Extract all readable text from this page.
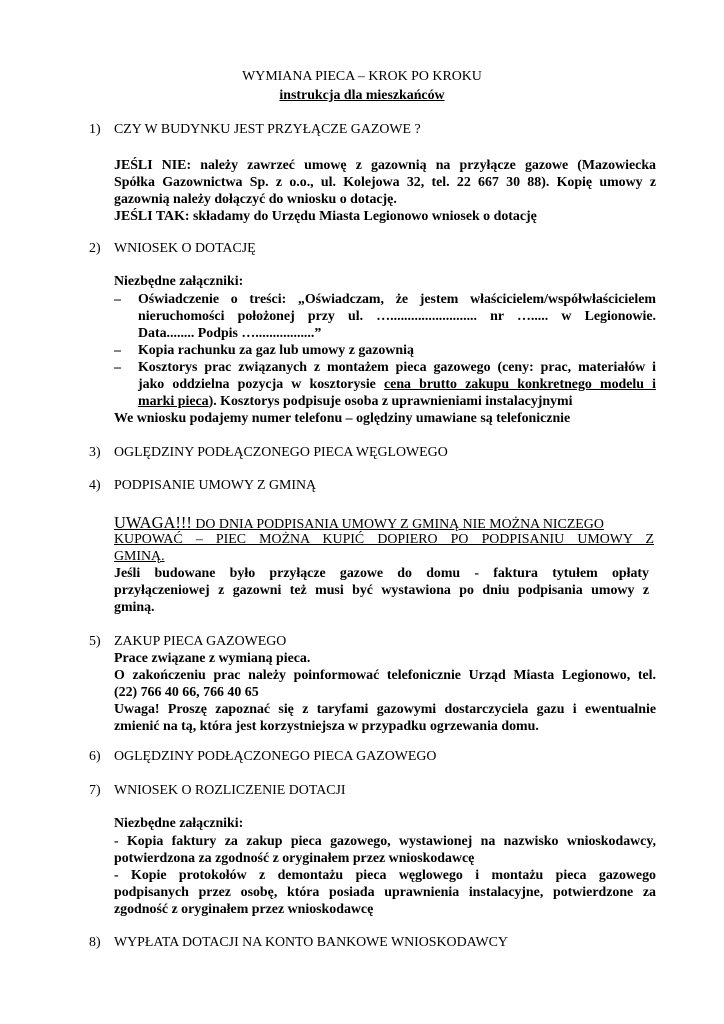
WYMIANA PIECA – KROK PO KROKU

instrukcja dla mieszkańców

1) CZY W BUDYNKU JEST PRZYŁĄCZE GAZOWE ?

JEŚLI NIE: należy zawrzeć umowę z gazownią na przyłącze gazowe (Mazowiecka

Spółka Gazownictwa Sp. z o.o., ul. Kolejowa 32, tel. 22 667 30 88). Kopię umowy z

gazownią należy dołączyć do wniosku o dotację.

JEŚLI TAK: składamy do Urzędu Miasta Legionowo wniosek o dotację

2) WNIOSEK O DOTACJĘ

Niezbędne załączniki:

– Oświadczenie o treści: „Oświadczam, że jestem właścicielem/współwłaścicielem

nieruchomości położonej przy ul. …......................... nr …..... w Legionowie.

Data........ Podpis ….................”

– Kopia rachunku za gaz lub umowy z gazownią

– Kosztorys prac związanych z montażem pieca gazowego (ceny: prac, materiałów i

jako oddzielna pozycja w kosztorysie cena brutto zakupu konkretnego modelu i

marki pieca). Kosztorys podpisuje osoba z uprawnieniami instalacyjnymi

We wniosku podajemy numer telefonu – oględziny umawiane są telefonicznie

3) OGLĘDZINY PODŁĄCZONEGO PIECA WĘGLOWEGO

4) PODPISANIE UMOWY Z GMINĄ

UWAGA!!! DO DNIA PODPISANIA UMOWY Z GMINĄ NIE MOŻNA NICZEGO

KUPOWAĆ – PIEC MOŻNA KUPIĆ DOPIERO PO PODPISANIU UMOWY Z

GMINĄ.

Jeśli budowane było przyłącze gazowe do domu - faktura tytułem opłaty

przyłączeniowej z gazowni też musi być wystawiona po dniu podpisania umowy z

gminą.

5) ZAKUP PIECA GAZOWEGO

Prace związane z wymianą pieca.

O zakończeniu prac należy poinformować telefonicznie Urząd Miasta Legionowo, tel.

(22) 766 40 66, 766 40 65

Uwaga! Proszę zapoznać się z taryfami gazowymi dostarczyciela gazu i ewentualnie

zmienić na tą, która jest korzystniejsza w przypadku ogrzewania domu.

6) OGLĘDZINY PODŁĄCZONEGO PIECA GAZOWEGO

7) WNIOSEK O ROZLICZENIE DOTACJI

Niezbędne załączniki:

- Kopia faktury za zakup pieca gazowego, wystawionej na nazwisko wnioskodawcy,

potwierdzona za zgodność z oryginałem przez wnioskodawcę

- Kopie protokołów z demontażu pieca węglowego i montażu pieca gazowego

podpisanych przez osobę, która posiada uprawnienia instalacyjne, potwierdzone za

zgodność z oryginałem przez wnioskodawcę

8) WYPŁATA DOTACJI NA KONTO BANKOWE WNIOSKODAWCY
